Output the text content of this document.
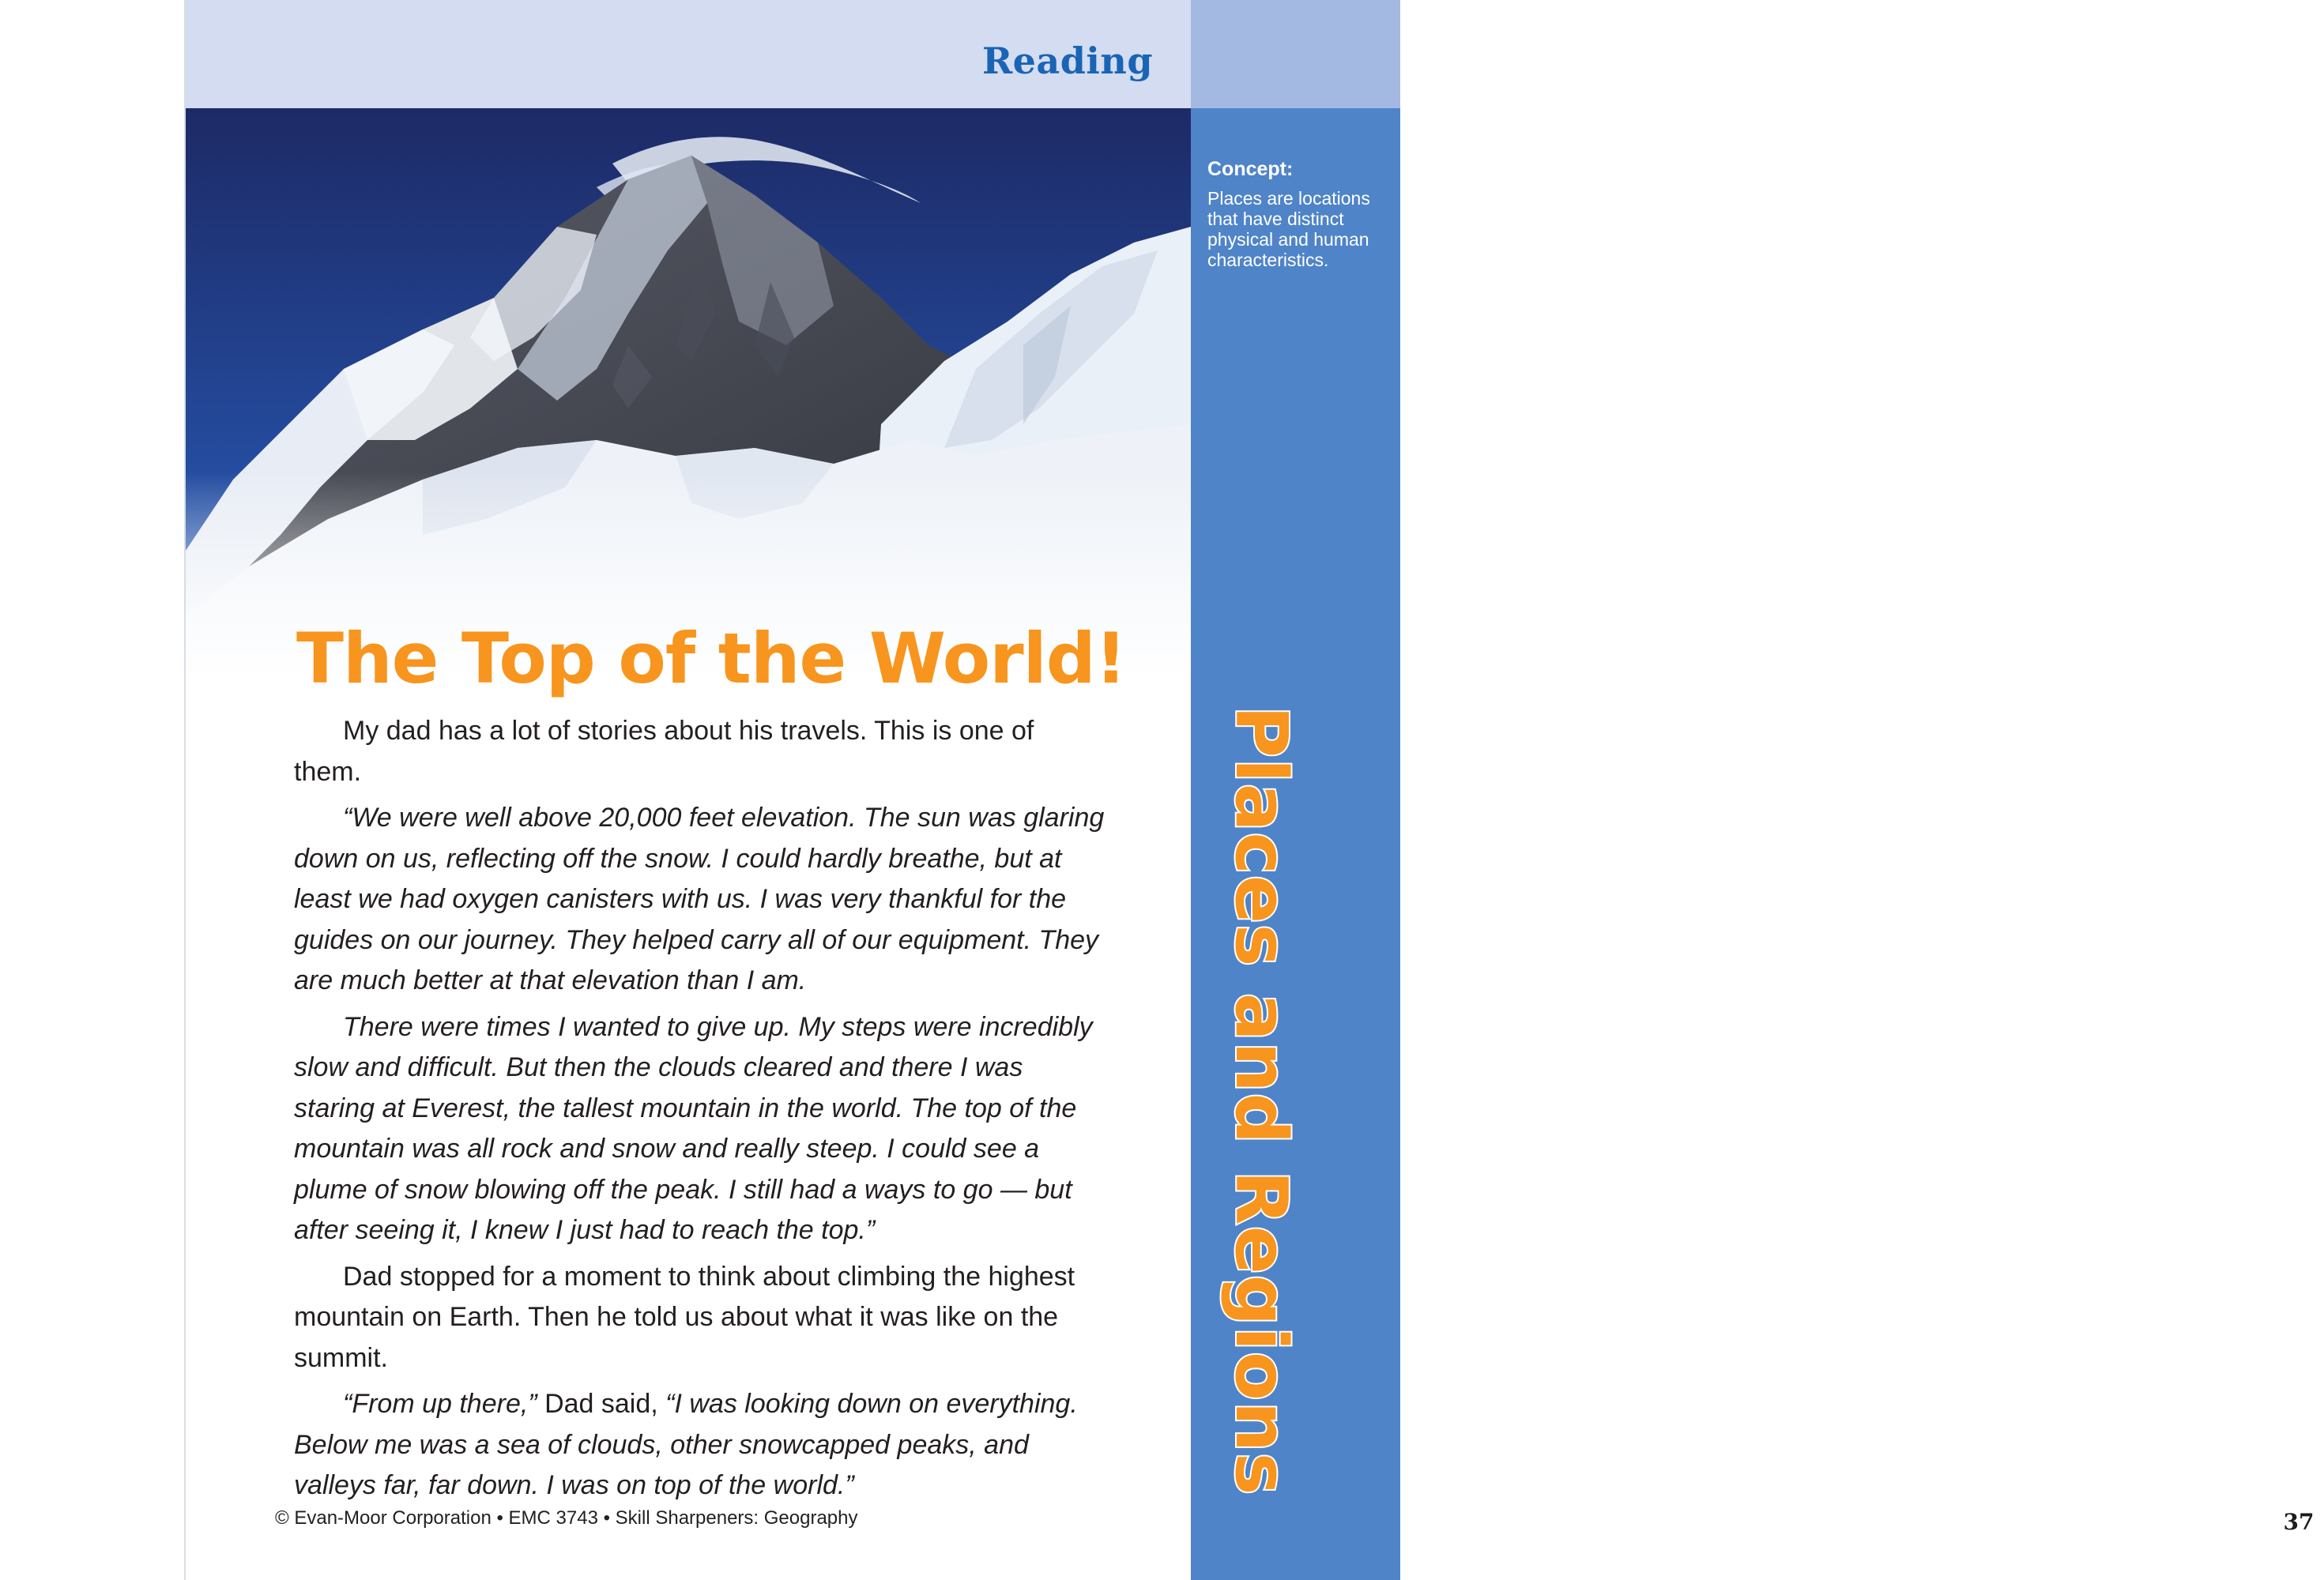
Reading
The Top of the World!

My dad has a lot of stories about his travels. This is one of them.

“We were well above 20,000 feet elevation. The sun was glaring down on us, reflecting off the snow. I could hardly breathe, but at least we had oxygen canisters with us. I was very thankful for the guides on our journey. They helped carry all of our equipment. They are much better at that elevation than I am.

There were times I wanted to give up. My steps were incredibly slow and difficult. But then the clouds cleared and there I was staring at Everest, the tallest mountain in the world. The top of the mountain was all rock and snow and really steep. I could see a plume of snow blowing off the peak. I still had a ways to go — but after seeing it, I knew I just had to reach the top.”

Dad stopped for a moment to think about climbing the highest mountain on Earth. Then he told us about what it was like on the summit.

“From up there,” Dad said, “I was looking down on everything. Below me was a sea of clouds, other snowcapped peaks, and valleys far, far down. I was on top of the world.”

© Evan-Moor Corporation • EMC 3743 • Skill Sharpeners: Geography
Concept:
Places are locations that have distinct physical and human characteristics.
37
Places and Regions
